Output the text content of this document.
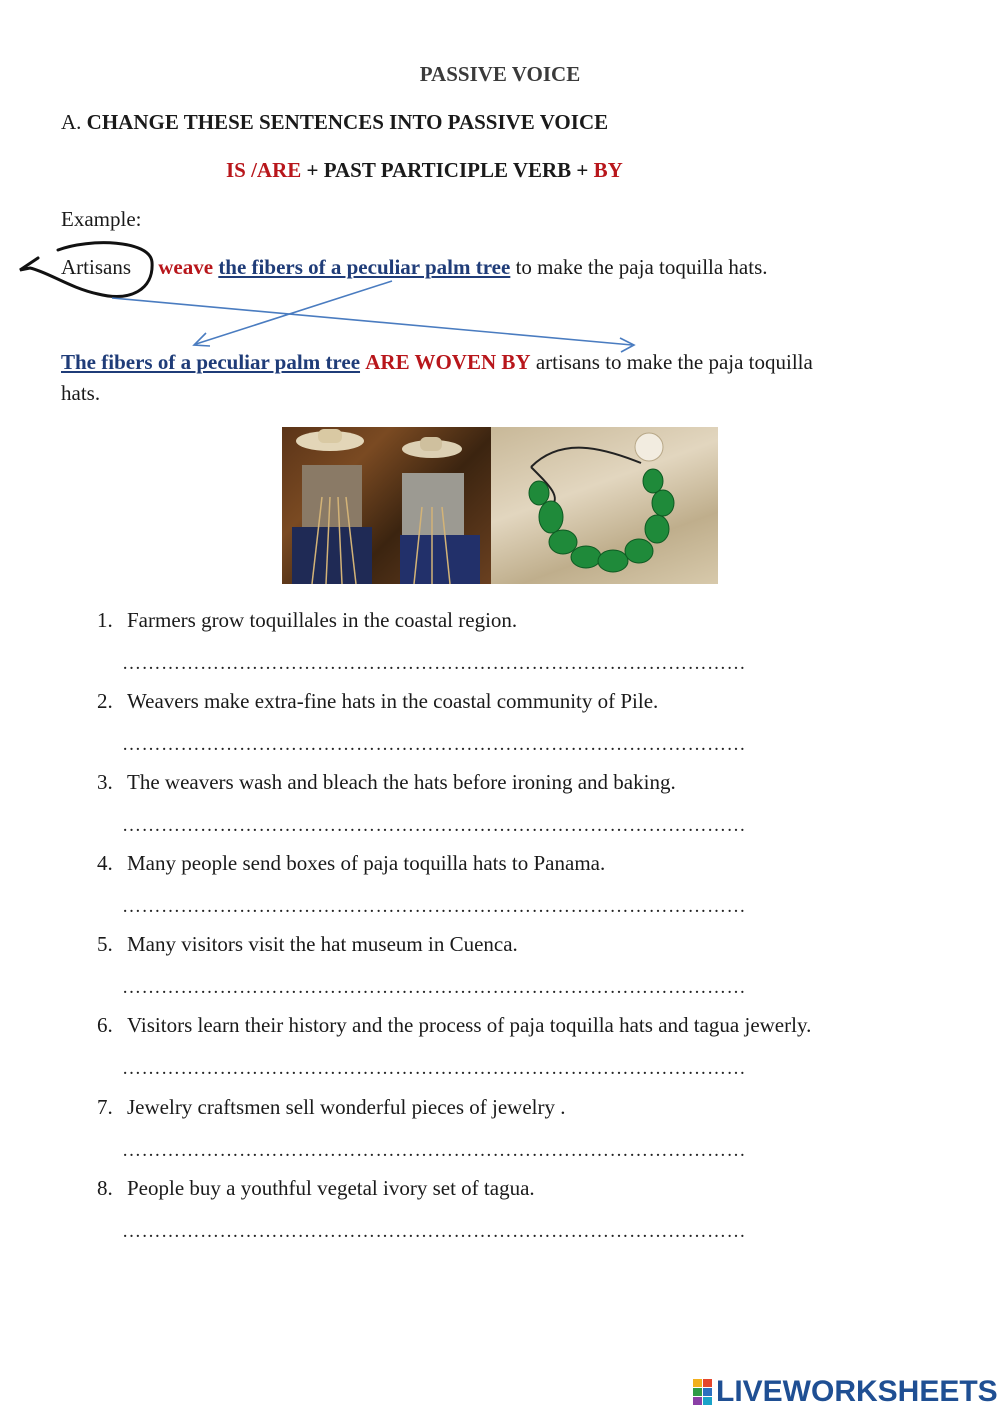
PASSIVE VOICE
A. CHANGE THESE SENTENCES INTO PASSIVE VOICE
IS /ARE + PAST PARTICIPLE VERB + BY
Example:
Artisans weave the fibers of a peculiar palm tree to make the paja toquilla hats.
The fibers of a peculiar palm tree ARE WOVEN BY artisans to make the paja toquilla
hats.
1. Farmers grow toquillales in the coastal region.
……………………………………………………………………………………
2. Weavers make extra-fine hats in the coastal community of Pile.
……………………………………………………………………………………
3. The weavers wash and bleach the hats before ironing and baking.
……………………………………………………………………………………
4. Many people send boxes of paja toquilla hats to Panama.
……………………………………………………………………………………
5. Many visitors visit the hat museum in Cuenca.
……………………………………………………………………………………
6. Visitors learn their history and the process of paja toquilla hats and tagua jewerly.
……………………………………………………………………………………
7. Jewelry craftsmen sell wonderful pieces of jewelry .
……………………………………………………………………………………
8. People buy a youthful vegetal ivory set of tagua.
……………………………………………………………………………………
LIVEWORKSHEETS
